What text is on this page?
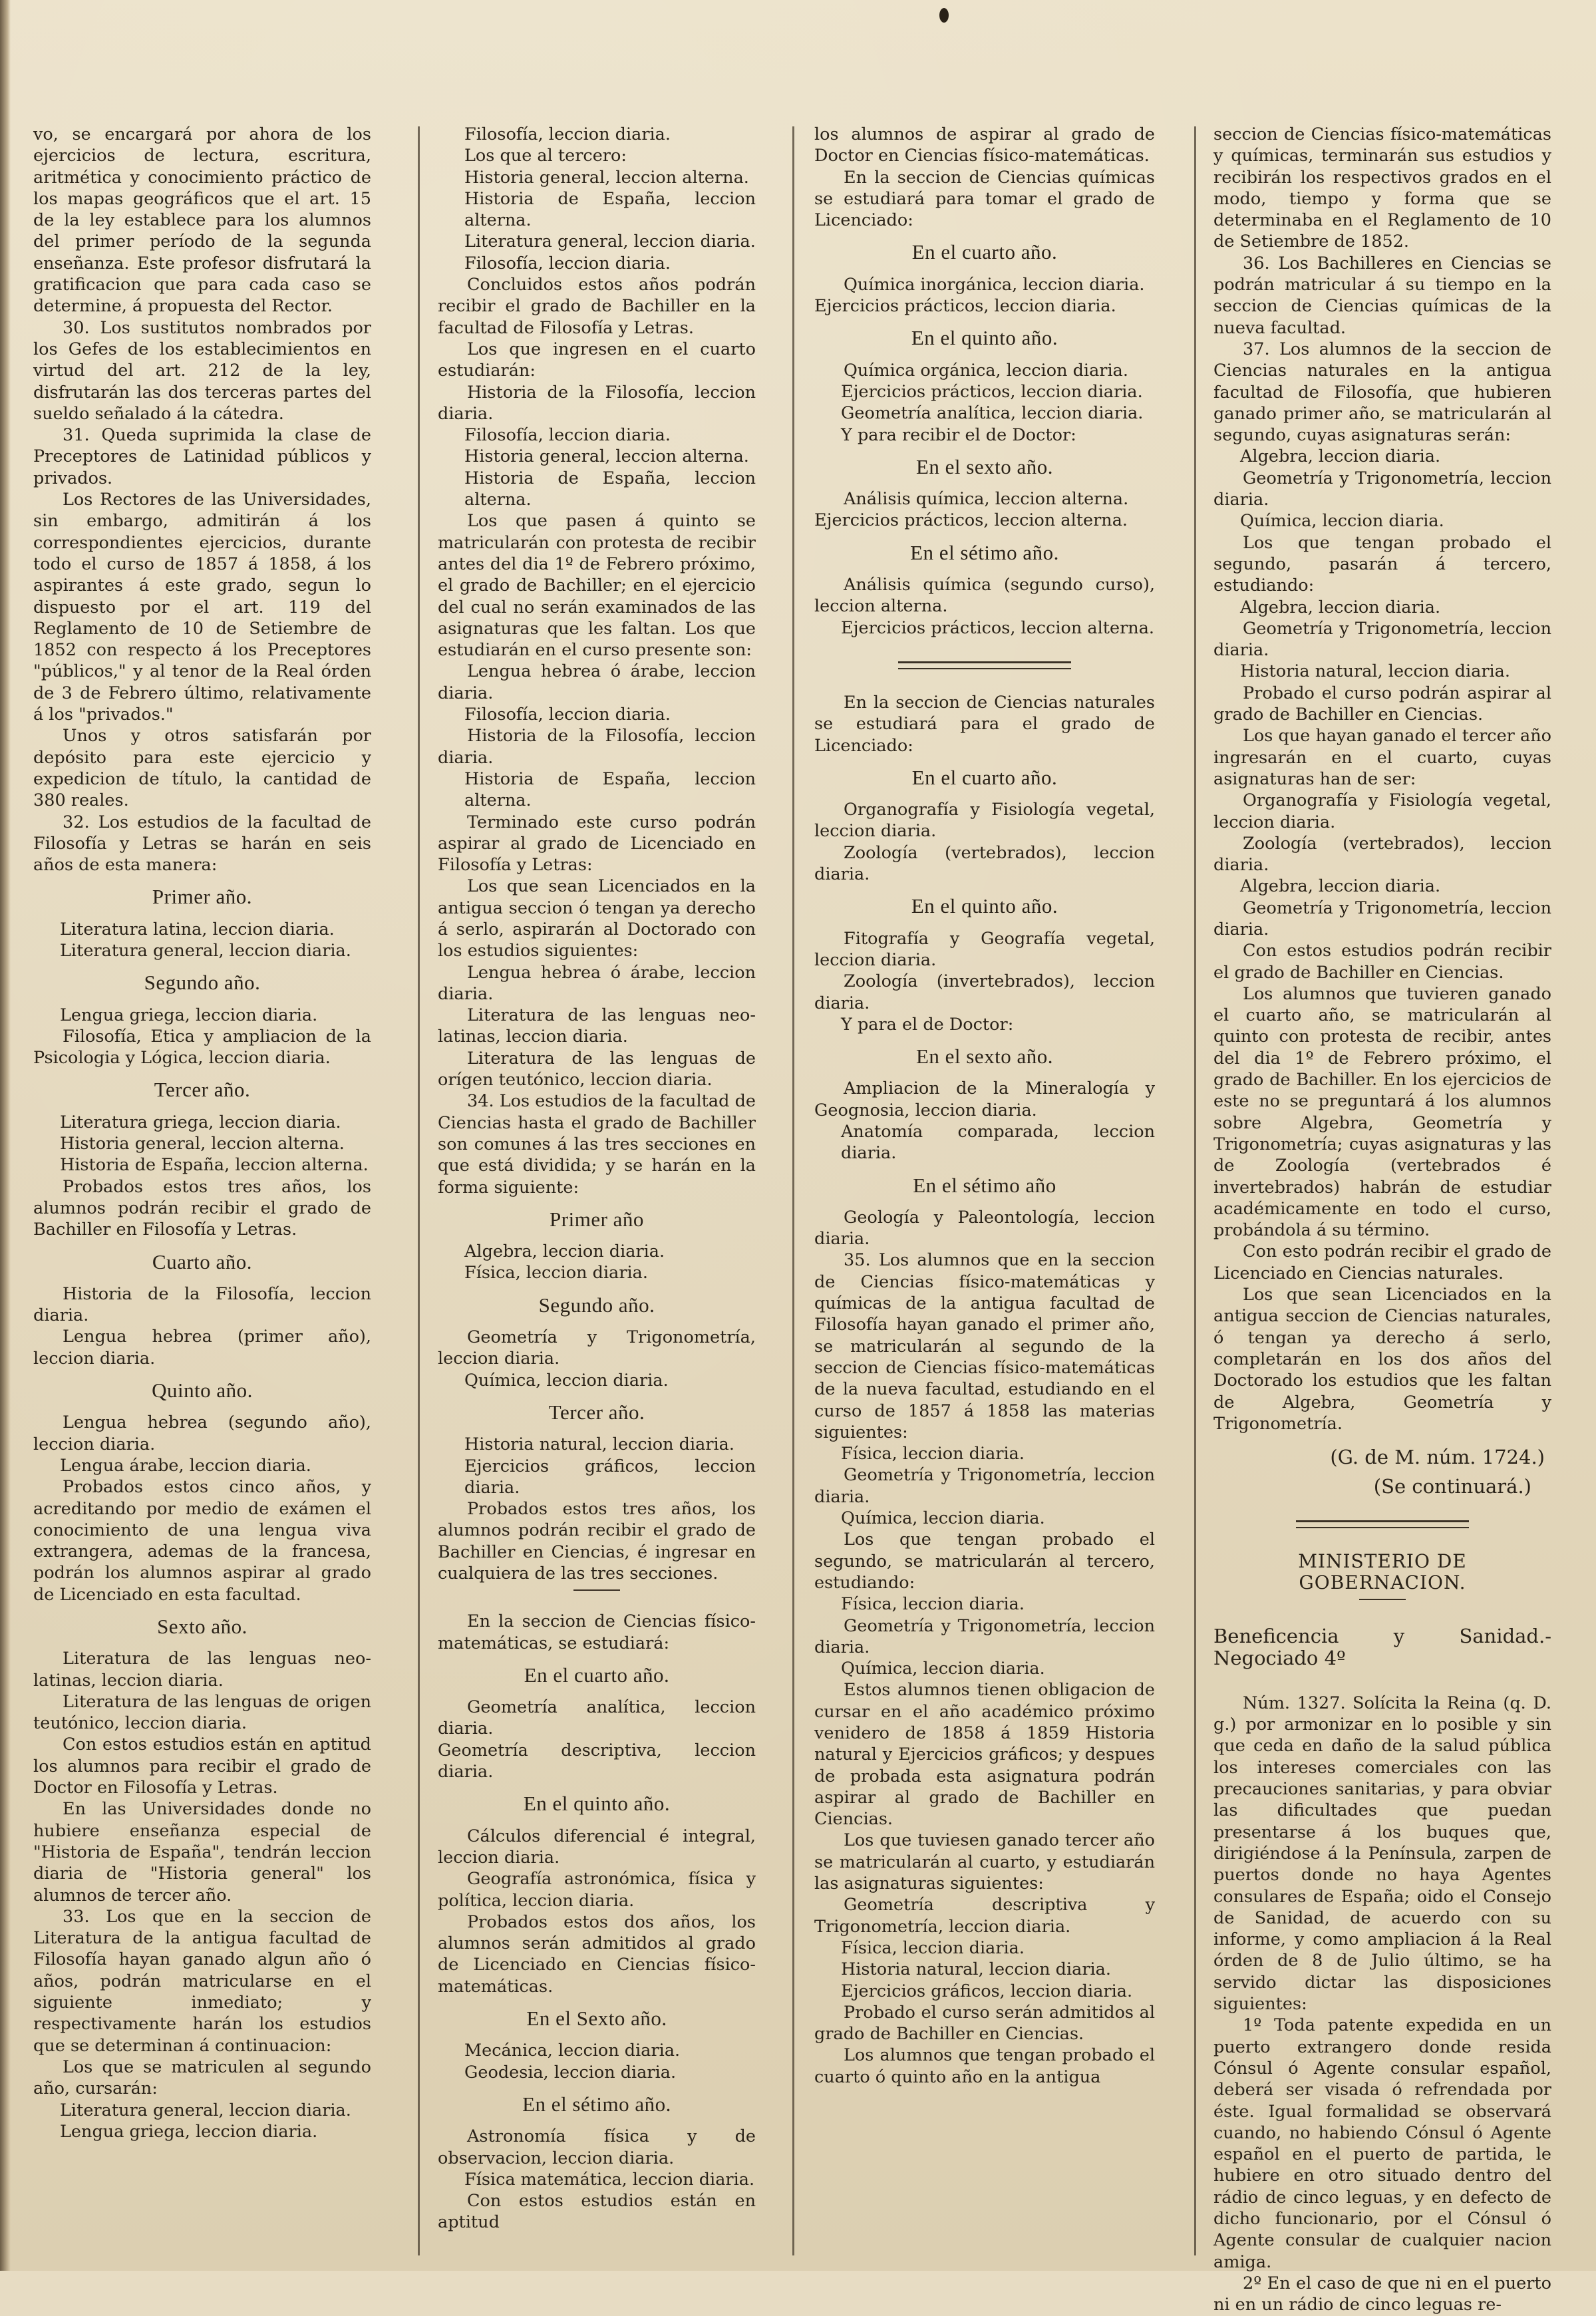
vo, se encargará por ahora de los ejercicios de lectura, escritura, aritmética y conocimiento práctico de los mapas geográficos que el art. 15 de la ley establece para los alumnos del primer período de la segunda enseñanza. Este profesor disfrutará la gratificacion que para cada caso se determine, á propuesta del Rector.

30. Los sustitutos nombrados por los Gefes de los establecimientos en virtud del art. 212 de la ley, disfrutarán las dos terceras partes del sueldo señalado á la cátedra.

31. Queda suprimida la clase de Preceptores de Latinidad públicos y privados.

Los Rectores de las Universidades, sin embargo, admitirán á los correspondientes ejercicios, durante todo el curso de 1857 á 1858, á los aspirantes á este grado, segun lo dispuesto por el art. 119 del Reglamento de 10 de Setiembre de 1852 con respecto á los Preceptores "públicos," y al tenor de la Real órden de 3 de Febrero último, relativamente á los "privados."

Unos y otros satisfarán por depósito para este ejercicio y expedicion de título, la cantidad de 380 reales.

32. Los estudios de la facultad de Filosofía y Letras se harán en seis años de esta manera:

Primer año.

Literatura latina, leccion diaria.

Literatura general, leccion diaria.

Segundo año.

Lengua griega, leccion diaria.

Filosofía, Etica y ampliacion de la Psicologia y Lógica, leccion diaria.

Tercer año.

Literatura griega, leccion diaria.

Historia general, leccion alterna.

Historia de España, leccion alterna.

Probados estos tres años, los alumnos podrán recibir el grado de Bachiller en Filosofía y Letras.

Cuarto año.

Historia de la Filosofía, leccion diaria.

Lengua hebrea (primer año), leccion diaria.

Quinto año.

Lengua hebrea (segundo año), leccion diaria.

Lengua árabe, leccion diaria.

Probados estos cinco años, y acreditando por medio de exámen el conocimiento de una lengua viva extrangera, ademas de la francesa, podrán los alumnos aspirar al grado de Licenciado en esta facultad.

Sexto año.

Literatura de las lenguas neo-latinas, leccion diaria.

Literatura de las lenguas de origen teutónico, leccion diaria.

Con estos estudios están en aptitud los alumnos para recibir el grado de Doctor en Filosofía y Letras.

En las Universidades donde no hubiere enseñanza especial de "Historia de España", tendrán leccion diaria de "Historia general" los alumnos de tercer año.

33. Los que en la seccion de Literatura de la antigua facultad de Filosofía hayan ganado algun año ó años, podrán matricularse en el siguiente inmediato; y respectivamente harán los estudios que se determinan á continuacion:

Los que se matriculen al segundo año, cursarán:

Literatura general, leccion diaria.

Lengua griega, leccion diaria.

Filosofía, leccion diaria.

Los que al tercero:

Historia general, leccion alterna.

Historia de España, leccion alterna.

Literatura general, leccion diaria.

Filosofía, leccion diaria.

Concluidos estos años podrán recibir el grado de Bachiller en la facultad de Filosofía y Letras.

Los que ingresen en el cuarto estudiarán:

Historia de la Filosofía, leccion diaria.

Filosofía, leccion diaria.

Historia general, leccion alterna.

Historia de España, leccion alterna.

Los que pasen á quinto se matricularán con protesta de recibir antes del dia 1º de Febrero próximo, el grado de Bachiller; en el ejercicio del cual no serán examinados de las asignaturas que les faltan. Los que estudiarán en el curso presente son:

Lengua hebrea ó árabe, leccion diaria.

Filosofía, leccion diaria.

Historia de la Filosofía, leccion diaria.

Historia de España, leccion alterna.

Terminado este curso podrán aspirar al grado de Licenciado en Filosofía y Letras:

Los que sean Licenciados en la antigua seccion ó tengan ya derecho á serlo, aspirarán al Doctorado con los estudios siguientes:

Lengua hebrea ó árabe, leccion diaria.

Literatura de las lenguas neo-latinas, leccion diaria.

Literatura de las lenguas de orígen teutónico, leccion diaria.

34. Los estudios de la facultad de Ciencias hasta el grado de Bachiller son comunes á las tres secciones en que está dividida; y se harán en la forma siguiente:

Primer año

Algebra, leccion diaria.

Física, leccion diaria.

Segundo año.

Geometría y Trigonometría, leccion diaria.

Química, leccion diaria.

Tercer año.

Historia natural, leccion diaria.

Ejercicios gráficos, leccion diaria.

Probados estos tres años, los alumnos podrán recibir el grado de Bachiller en Ciencias, é ingresar en cualquiera de las tres secciones.

En la seccion de Ciencias físico-matemáticas, se estudiará:

En el cuarto año.

Geometría analítica, leccion diaria.

Geometría descriptiva, leccion diaria.

En el quinto año.

Cálculos diferencial é integral, leccion diaria.

Geografía astronómica, física y política, leccion diaria.

Probados estos dos años, los alumnos serán admitidos al grado de Licenciado en Ciencias físico-matemáticas.

En el Sexto año.

Mecánica, leccion diaria.

Geodesia, leccion diaria.

En el sétimo año.

Astronomía física y de observacion, leccion diaria.

Física matemática, leccion diaria.

Con estos estudios están en aptitud

los alumnos de aspirar al grado de Doctor en Ciencias físico-matemáticas.

En la seccion de Ciencias químicas se estudiará para tomar el grado de Licenciado:

En el cuarto año.

Química inorgánica, leccion diaria.

Ejercicios prácticos, leccion diaria.

En el quinto año.

Química orgánica, leccion diaria.

Ejercicios prácticos, leccion diaria.

Geometría analítica, leccion diaria.

Y para recibir el de Doctor:

En el sexto año.

Análisis química, leccion alterna.

Ejercicios prácticos, leccion alterna.

En el sétimo año.

Análisis química (segundo curso), leccion alterna.

Ejercicios prácticos, leccion alterna.

En la seccion de Ciencias naturales se estudiará para el grado de Licenciado:

En el cuarto año.

Organografía y Fisiología vegetal, leccion diaria.

Zoología (vertebrados), leccion diaria.

En el quinto año.

Fitografía y Geografía vegetal, leccion diaria.

Zoología (invertebrados), leccion diaria.

Y para el de Doctor:

En el sexto año.

Ampliacion de la Mineralogía y Geognosia, leccion diaria.

Anatomía comparada, leccion diaria.

En el sétimo año

Geología y Paleontología, leccion diaria.

35. Los alumnos que en la seccion de Ciencias físico-matemáticas y químicas de la antigua facultad de Filosofía hayan ganado el primer año, se matricularán al segundo de la seccion de Ciencias físico-matemáticas de la nueva facultad, estudiando en el curso de 1857 á 1858 las materias siguientes:

Física, leccion diaria.

Geometría y Trigonometría, leccion diaria.

Química, leccion diaria.

Los que tengan probado el segundo, se matricularán al tercero, estudiando:

Física, leccion diaria.

Geometría y Trigonometría, leccion diaria.

Química, leccion diaria.

Estos alumnos tienen obligacion de cursar en el año académico próximo venidero de 1858 á 1859 Historia natural y Ejercicios gráficos; y despues de probada esta asignatura podrán aspirar al grado de Bachiller en Ciencias.

Los que tuviesen ganado tercer año se matricularán al cuarto, y estudiarán las asignaturas siguientes:

Geometría descriptiva y Trigonometría, leccion diaria.

Física, leccion diaria.

Historia natural, leccion diaria.

Ejercicios gráficos, leccion diaria.

Probado el curso serán admitidos al grado de Bachiller en Ciencias.

Los alumnos que tengan probado el cuarto ó quinto año en la antigua

seccion de Ciencias físico-matemáticas y químicas, terminarán sus estudios y recibirán los respectivos grados en el modo, tiempo y forma que se determinaba en el Reglamento de 10 de Setiembre de 1852.

36. Los Bachilleres en Ciencias se podrán matricular á su tiempo en la seccion de Ciencias químicas de la nueva facultad.

37. Los alumnos de la seccion de Ciencias naturales en la antigua facultad de Filosofía, que hubieren ganado primer año, se matricularán al segundo, cuyas asignaturas serán:

Algebra, leccion diaria.

Geometría y Trigonometría, leccion diaria.

Química, leccion diaria.

Los que tengan probado el segundo, pasarán á tercero, estudiando:

Algebra, leccion diaria.

Geometría y Trigonometría, leccion diaria.

Historia natural, leccion diaria.

Probado el curso podrán aspirar al grado de Bachiller en Ciencias.

Los que hayan ganado el tercer año ingresarán en el cuarto, cuyas asignaturas han de ser:

Organografía y Fisiología vegetal, leccion diaria.

Zoología (vertebrados), leccion diaria.

Algebra, leccion diaria.

Geometría y Trigonometría, leccion diaria.

Con estos estudios podrán recibir el grado de Bachiller en Ciencias.

Los alumnos que tuvieren ganado el cuarto año, se matricularán al quinto con protesta de recibir, antes del dia 1º de Febrero próximo, el grado de Bachiller. En los ejercicios de este no se preguntará á los alumnos sobre Algebra, Geometría y Trigonometría; cuyas asignaturas y las de Zoología (vertebrados é invertebrados) habrán de estudiar académicamente en todo el curso, probándola á su término.

Con esto podrán recibir el grado de Licenciado en Ciencias naturales.

Los que sean Licenciados en la antigua seccion de Ciencias naturales, ó tengan ya derecho á serlo, completarán en los dos años del Doctorado los estudios que les faltan de Algebra, Geometría y Trigonometría.

(G. de M. núm. 1724.)

(Se continuará.)

MINISTERIO DE GOBERNACION.

Beneficencia y Sanidad.-Negociado 4º

Núm. 1327. Solícita la Reina (q. D. g.) por armonizar en lo posible y sin que ceda en daño de la salud pública los intereses comerciales con las precauciones sanitarias, y para obviar las dificultades que puedan presentarse á los buques que, dirigiéndose á la Península, zarpen de puertos donde no haya Agentes consulares de España; oido el Consejo de Sanidad, de acuerdo con su informe, y como ampliacion á la Real órden de 8 de Julio último, se ha servido dictar las disposiciones siguientes:

1º Toda patente expedida en un puerto extrangero donde resida Cónsul ó Agente consular español, deberá ser visada ó refrendada por éste. Igual formalidad se observará cuando, no habiendo Cónsul ó Agente español en el puerto de partida, le hubiere en otro situado dentro del rádio de cinco leguas, y en defecto de dicho funcionario, por el Cónsul ó Agente consular de cualquier nacion amiga.

2º En el caso de que ni en el puerto ni en un rádio de cinco leguas re-
